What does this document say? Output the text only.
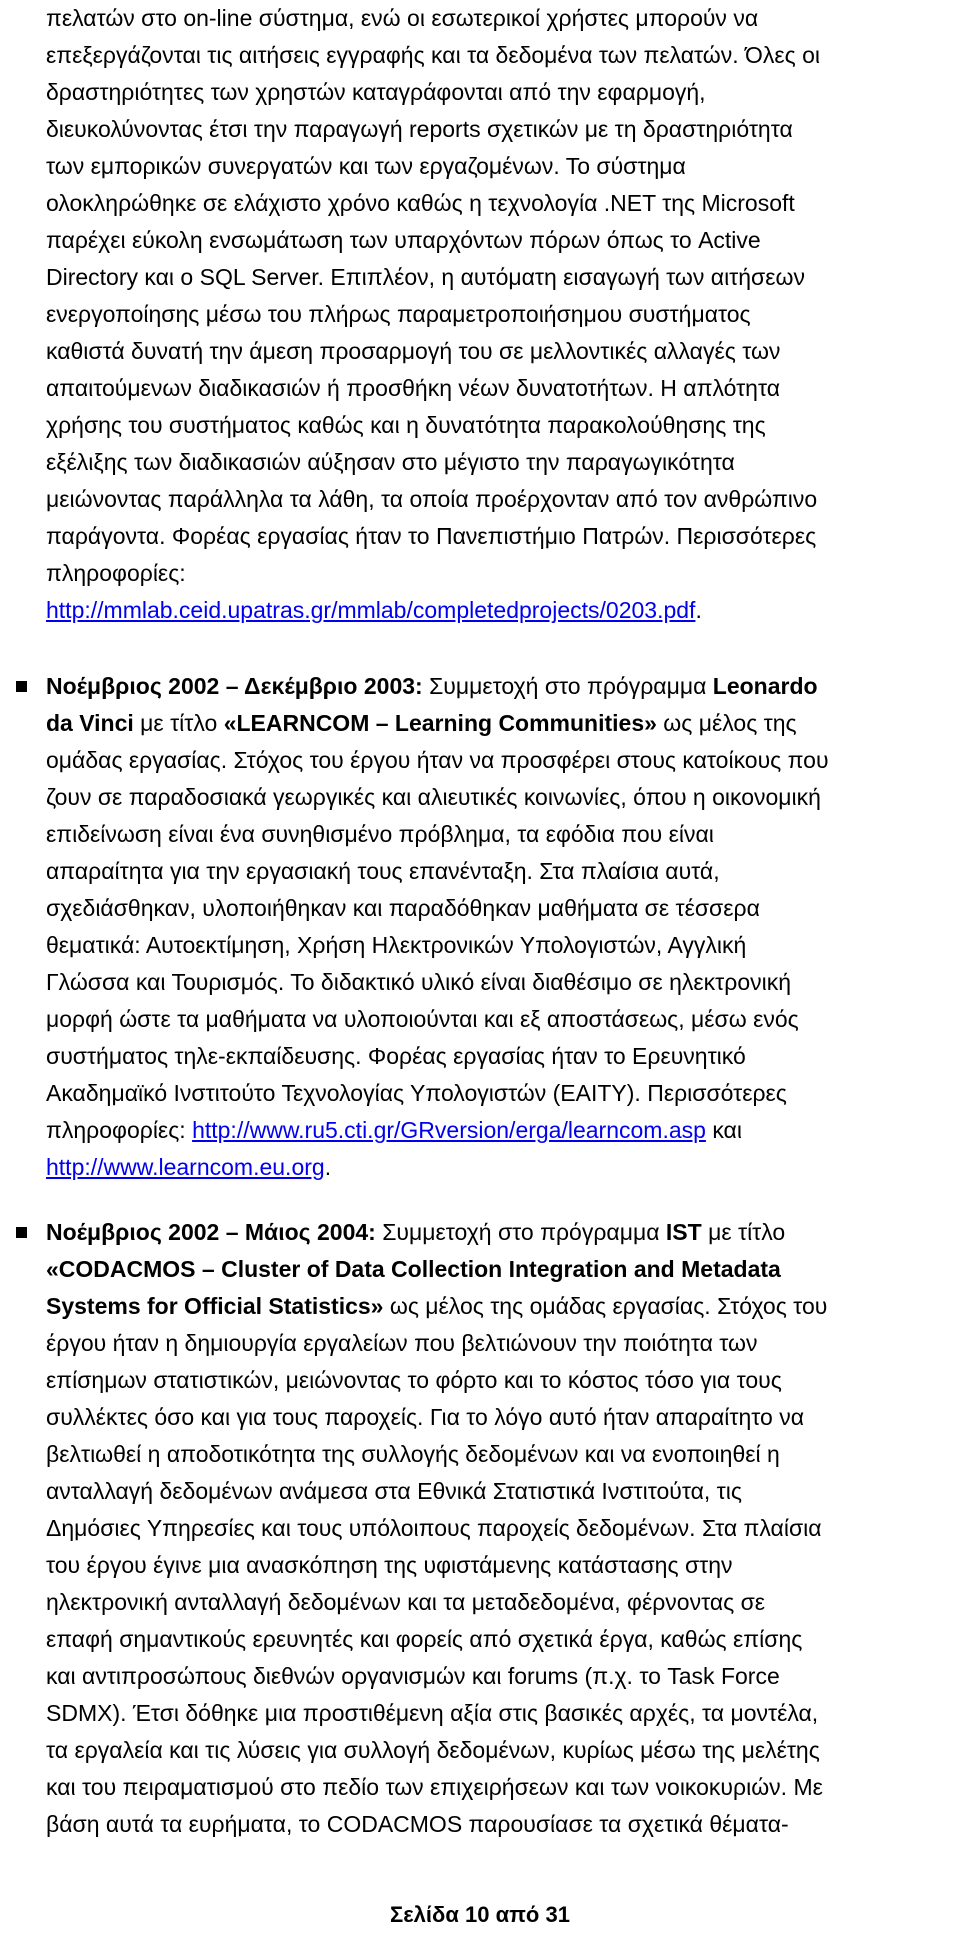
πελατών στο on-line σύστημα, ενώ οι εσωτερικοί χρήστες μπορούν να
επεξεργάζονται τις αιτήσεις εγγραφής και τα δεδομένα των πελατών. Όλες οι
δραστηριότητες των χρηστών καταγράφονται από την εφαρμογή,
διευκολύνοντας έτσι την παραγωγή reports σχετικών με τη δραστηριότητα
των εμπορικών συνεργατών και των εργαζομένων. Το σύστημα
ολοκληρώθηκε σε ελάχιστο χρόνο καθώς η τεχνολογία .NET της Microsoft
παρέχει εύκολη ενσωμάτωση των υπαρχόντων πόρων όπως το Active
Directory και ο SQL Server. Επιπλέον, η αυτόματη εισαγωγή των αιτήσεων
ενεργοποίησης μέσω του πλήρως παραμετροποιήσημου συστήματος
καθιστά δυνατή την άμεση προσαρμογή του σε μελλοντικές αλλαγές των
απαιτούμενων διαδικασιών ή προσθήκη νέων δυνατοτήτων. Η απλότητα
χρήσης του συστήματος καθώς και η δυνατότητα παρακολούθησης της
εξέλιξης των διαδικασιών αύξησαν στο μέγιστο την παραγωγικότητα
μειώνοντας παράλληλα τα λάθη, τα οποία προέρχονταν από τον ανθρώπινο
παράγοντα. Φορέας εργασίας ήταν το Πανεπιστήμιο Πατρών. Περισσότερες
πληροφορίες:
http://mmlab.ceid.upatras.gr/mmlab/completedprojects/0203.pdf.

Νοέμβριος 2002 – Δεκέμβριο 2003: Συμμετοχή στο πρόγραμμα Leonardo
da Vinci με τίτλο «LEARNCOM – Learning Communities» ως μέλος της
ομάδας εργασίας. Στόχος του έργου ήταν να προσφέρει στους κατοίκους που
ζουν σε παραδοσιακά γεωργικές και αλιευτικές κοινωνίες, όπου η οικονομική
επιδείνωση είναι ένα συνηθισμένο πρόβλημα, τα εφόδια που είναι
απαραίτητα για την εργασιακή τους επανένταξη. Στα πλαίσια αυτά,
σχεδιάσθηκαν, υλοποιήθηκαν και παραδόθηκαν μαθήματα σε τέσσερα
θεματικά: Αυτοεκτίμηση, Χρήση Ηλεκτρονικών Υπολογιστών, Αγγλική
Γλώσσα και Τουρισμός. Το διδακτικό υλικό είναι διαθέσιμο σε ηλεκτρονική
μορφή ώστε τα μαθήματα να υλοποιούνται και εξ αποστάσεως, μέσω ενός
συστήματος τηλε-εκπαίδευσης. Φορέας εργασίας ήταν το Ερευνητικό
Ακαδημαϊκό Ινστιτούτο Τεχνολογίας Υπολογιστών (ΕΑΙΤΥ). Περισσότερες
πληροφορίες: http://www.ru5.cti.gr/GRversion/erga/learncom.asp και
http://www.learncom.eu.org.

Νοέμβριος 2002 – Μάιος 2004: Συμμετοχή στο πρόγραμμα IST με τίτλο
«CODACMOS – Cluster of Data Collection Integration and Metadata
Systems for Official Statistics» ως μέλος της ομάδας εργασίας. Στόχος του
έργου ήταν η δημιουργία εργαλείων που βελτιώνουν την ποιότητα των
επίσημων στατιστικών, μειώνοντας το φόρτο και το κόστος τόσο για τους
συλλέκτες όσο και για τους παροχείς. Για το λόγο αυτό ήταν απαραίτητο να
βελτιωθεί η αποδοτικότητα της συλλογής δεδομένων και να ενοποιηθεί η
ανταλλαγή δεδομένων ανάμεσα στα Εθνικά Στατιστικά Ινστιτούτα, τις
Δημόσιες Υπηρεσίες και τους υπόλοιπους παροχείς δεδομένων. Στα πλαίσια
του έργου έγινε μια ανασκόπηση της υφιστάμενης κατάστασης στην
ηλεκτρονική ανταλλαγή δεδομένων και τα μεταδεδομένα, φέρνοντας σε
επαφή σημαντικούς ερευνητές και φορείς από σχετικά έργα, καθώς επίσης
και αντιπροσώπους διεθνών οργανισμών και forums (π.χ. το Task Force
SDMX). Έτσι δόθηκε μια προστιθέμενη αξία στις βασικές αρχές, τα μοντέλα,
τα εργαλεία και τις λύσεις για συλλογή δεδομένων, κυρίως μέσω της μελέτης
και του πειραματισμού στο πεδίο των επιχειρήσεων και των νοικοκυριών. Με
βάση αυτά τα ευρήματα, το CODACMOS παρουσίασε τα σχετικά θέματα-

Σελίδα 10 από 31
